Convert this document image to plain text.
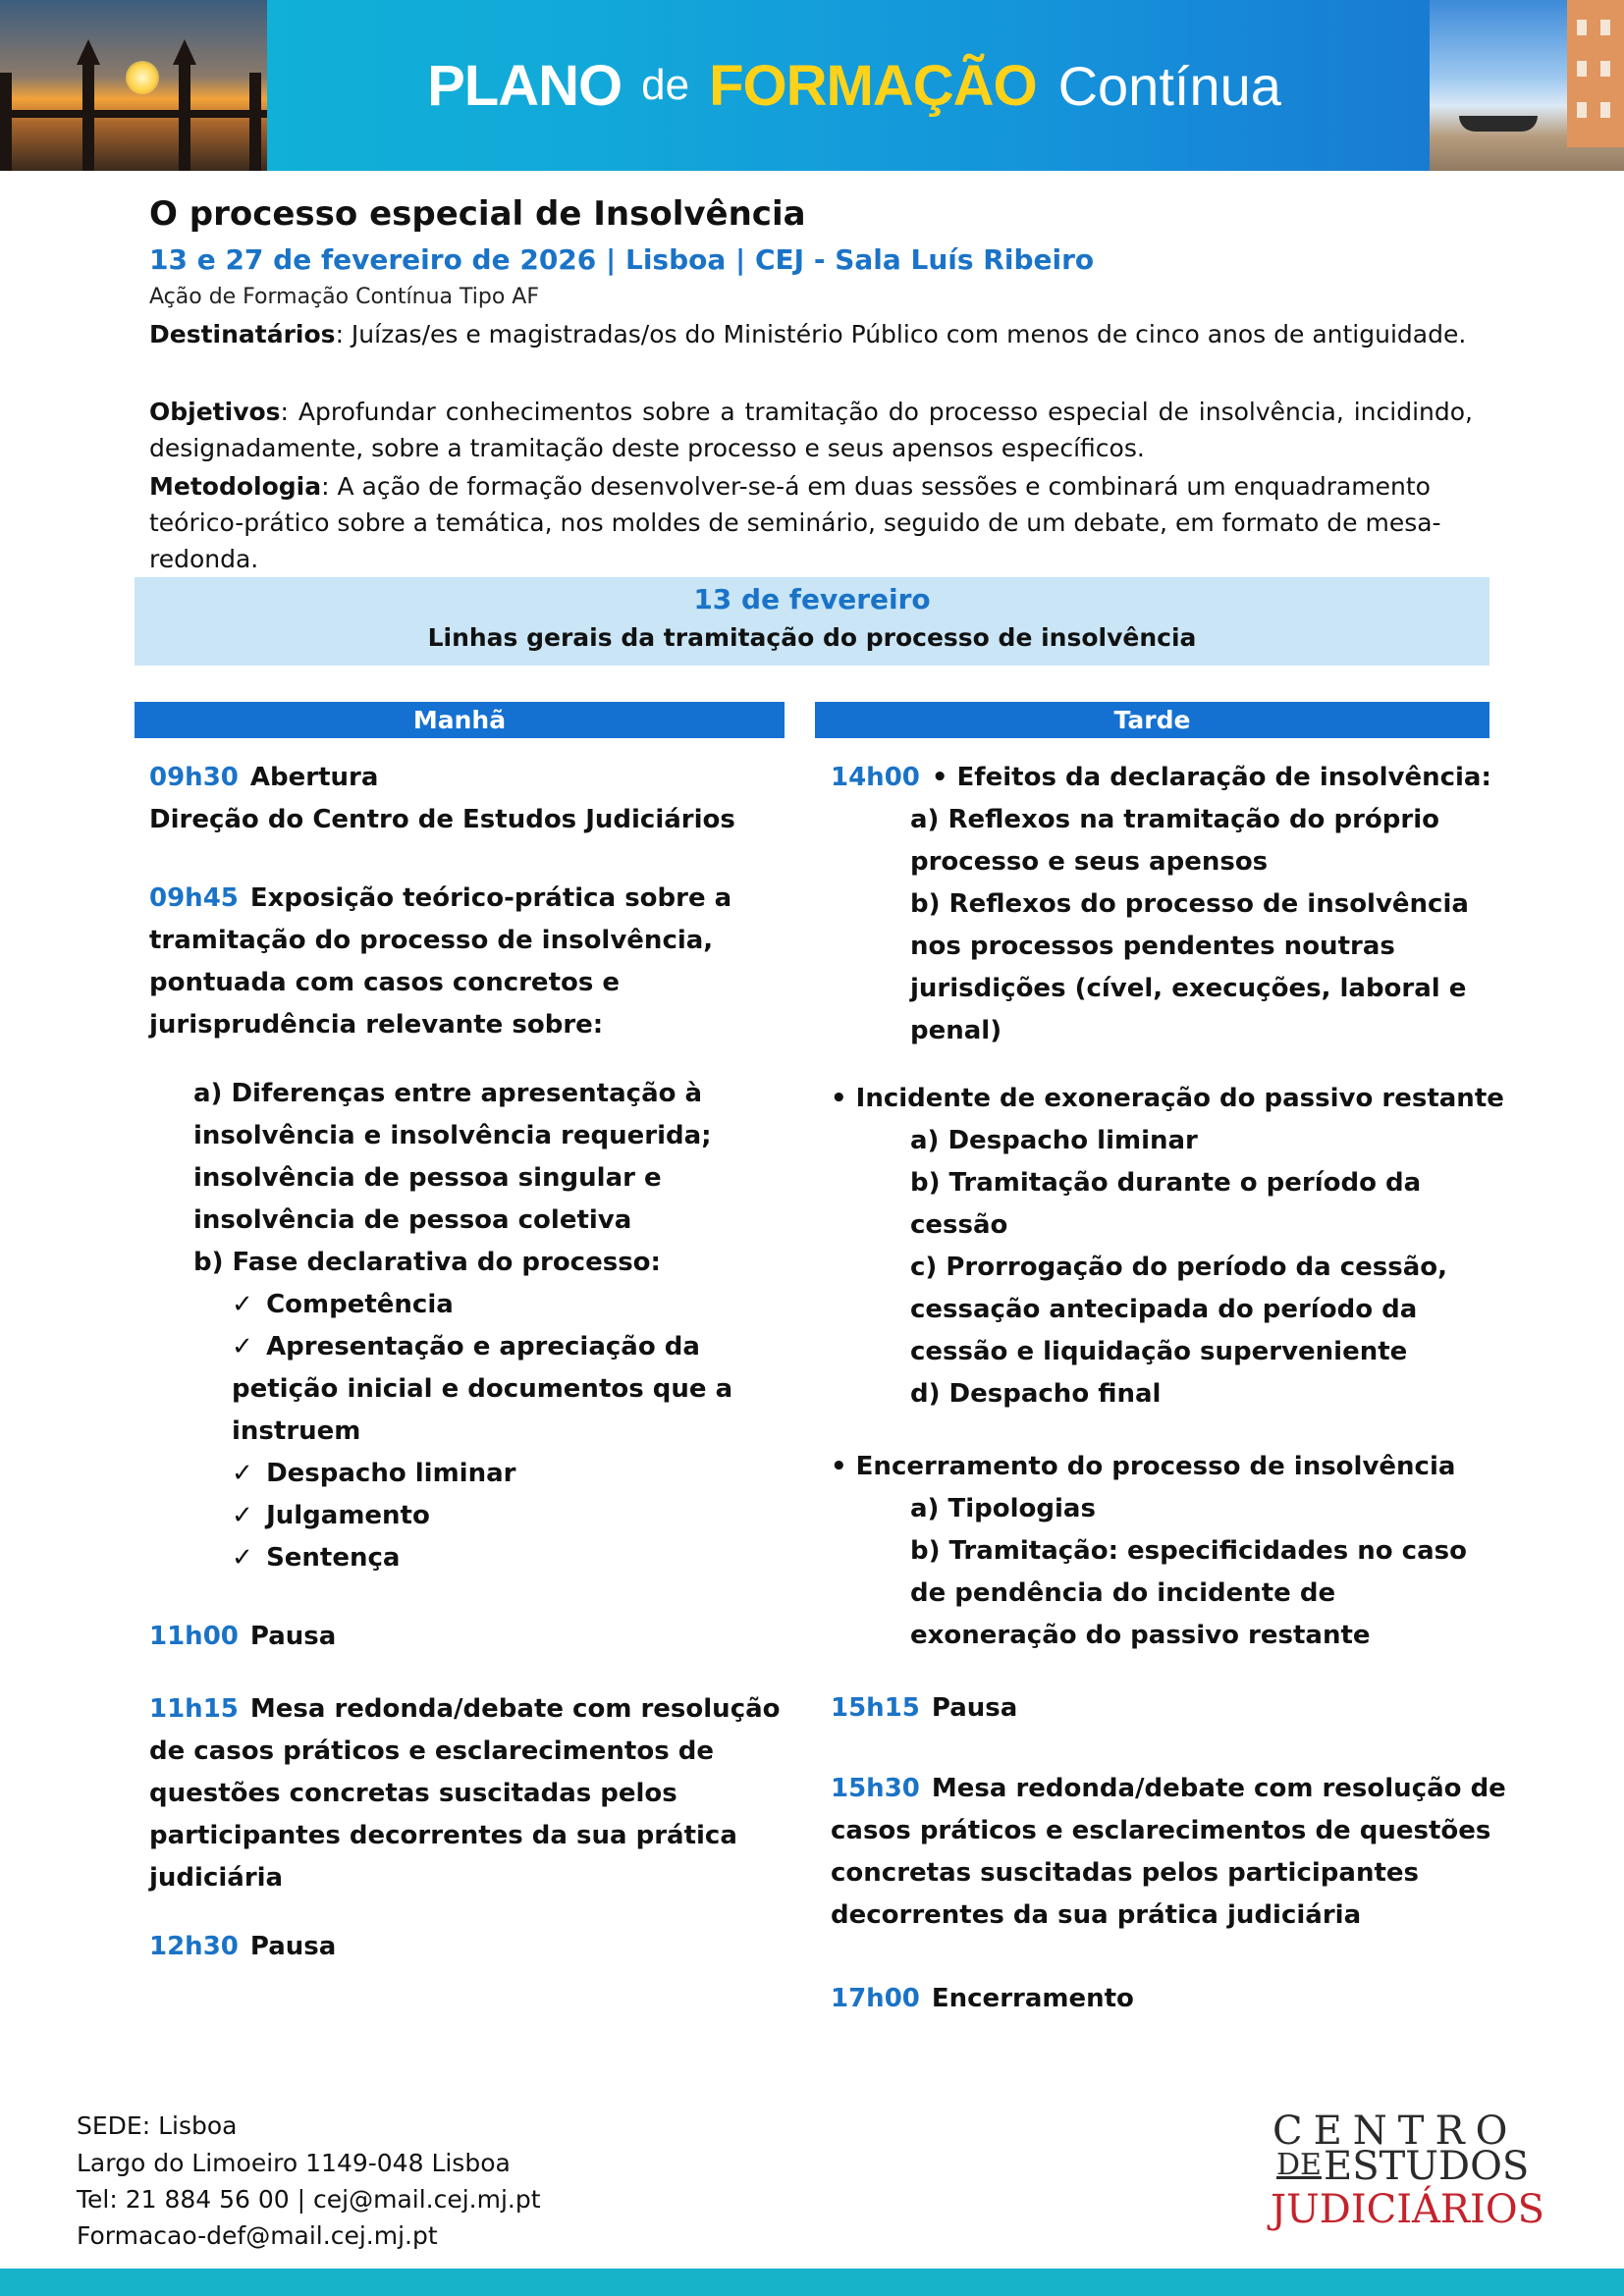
PLANO de FORMAÇÃO Contínua
O processo especial de Insolvência
13 e 27 de fevereiro de 2026 | Lisboa | CEJ - Sala Luís Ribeiro
Ação de Formação Contínua Tipo AF

Destinatários: Juízas/es e magistradas/os do Ministério Público com menos de cinco anos de antiguidade.

Objetivos: Aprofundar conhecimentos sobre a tramitação do processo especial de insolvência, incidindo, designadamente, sobre a tramitação deste processo e seus apensos específicos.

Metodologia: A ação de formação desenvolver-se-á em duas sessões e combinará um enquadramento teórico-prático sobre a temática, nos moldes de seminário, seguido de um debate, em formato de mesa-redonda.

13 de fevereiro
Linhas gerais da tramitação do processo de insolvência
Manhã	Tarde
09h30 Abertura
Direção do Centro de Estudos Judiciários
09h45 Exposição teórico-prática sobre a
tramitação do processo de insolvência,
pontuada com casos concretos e
jurisprudência relevante sobre:
a) Diferenças entre apresentação à
insolvência e insolvência requerida;
insolvência de pessoa singular e
insolvência de pessoa coletiva
b) Fase declarativa do processo:
✓ Competência
✓ Apresentação e apreciação da
petição inicial e documentos que a
instruem
✓ Despacho liminar
✓ Julgamento
✓ Sentença
11h00 Pausa
11h15 Mesa redonda/debate com resolução
de casos práticos e esclarecimentos de
questões concretas suscitadas pelos
participantes decorrentes da sua prática
judiciária
12h30 Pausa
14h00 • Efeitos da declaração de insolvência:
a) Reflexos na tramitação do próprio
processo e seus apensos
b) Reflexos do processo de insolvência
nos processos pendentes noutras
jurisdições (cível, execuções, laboral e
penal)
• Incidente de exoneração do passivo restante
a) Despacho liminar
b) Tramitação durante o período da
cessão
c) Prorrogação do período da cessão,
cessação antecipada do período da
cessão e liquidação superveniente
d) Despacho final
• Encerramento do processo de insolvência
a) Tipologias
b) Tramitação: especificidades no caso
de pendência do incidente de
exoneração do passivo restante
15h15 Pausa
15h30 Mesa redonda/debate com resolução de
casos práticos e esclarecimentos de questões
concretas suscitadas pelos participantes
decorrentes da sua prática judiciária
17h00 Encerramento
SEDE: Lisboa
Largo do Limoeiro 1149-048 Lisboa
Tel: 21 884 56 00 | cej@mail.cej.mj.pt
Formacao-def@mail.cej.mj.pt
CENTRO
DE ESTUDOS
JUDICIÁRIOS
